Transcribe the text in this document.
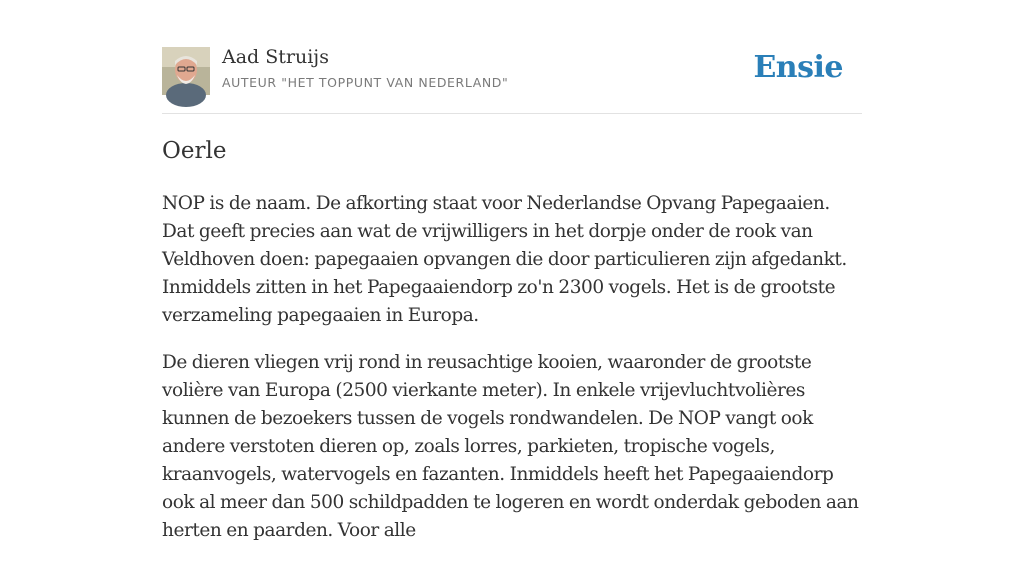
Aad Struijs
AUTEUR "HET TOPPUNT VAN NEDERLAND"	Ensie
Oerle

NOP is de naam. De afkorting staat voor Nederlandse Opvang Papegaaien. Dat geeft precies aan wat de vrijwilligers in het dorpje onder de rook van Veldhoven doen: papegaaien opvangen die door particulieren zijn afgedankt. Inmiddels zitten in het Papegaaiendorp zo'n 2300 vogels. Het is de grootste verzameling papegaaien in Europa.

De dieren vliegen vrij rond in reusachtige kooien, waaronder de grootste volière van Europa (2500 vierkante meter). In enkele vrijevluchtvolières kunnen de bezoekers tussen de vogels rondwandelen. De NOP vangt ook andere verstoten dieren op, zoals lorres, parkieten, tropische vogels, kraanvogels, watervogels en fazanten. Inmiddels heeft het Papegaaiendorp ook al meer dan 500 schildpadden te logeren en wordt onderdak geboden aan herten en paarden. Voor alle
